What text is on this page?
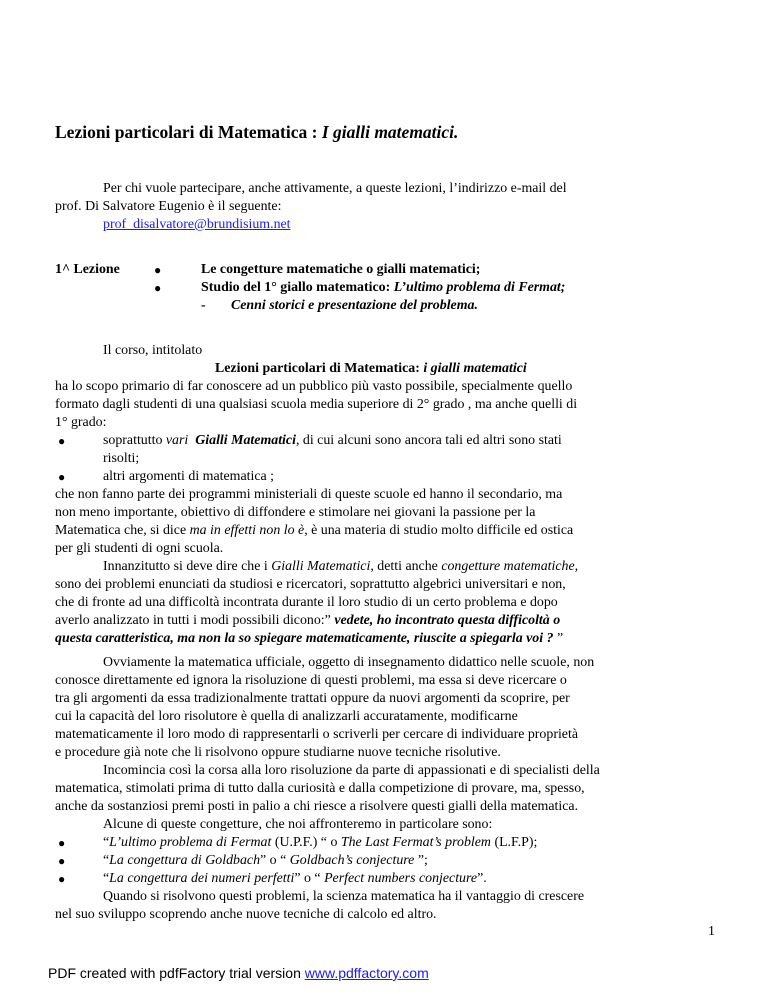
Lezioni particolari di Matematica : I gialli matematici.
Per chi vuole partecipare, anche attivamente, a queste lezioni, l’indirizzo e-mail del
prof. Di Salvatore Eugenio è il seguente:
prof_disalvatore@brundisium.net
1^ Lezione	●	Le congetture matematiche o gialli matematici;
●	Studio del 1° giallo matematico: L’ultimo problema di Fermat;
- Cenni storici e presentazione del problema.
Il corso, intitolato
Lezioni particolari di Matematica: i gialli matematici
ha lo scopo primario di far conoscere ad un pubblico più vasto possibile, specialmente quello
formato dagli studenti di una qualsiasi scuola media superiore di 2° grado , ma anche quelli di
1° grado:
●	soprattutto vari Gialli Matematici, di cui alcuni sono ancora tali ed altri sono stati
risolti;
●	altri argomenti di matematica ;
che non fanno parte dei programmi ministeriali di queste scuole ed hanno il secondario, ma
non meno importante, obiettivo di diffondere e stimolare nei giovani la passione per la
Matematica che, si dice ma in effetti non lo è, è una materia di studio molto difficile ed ostica
per gli studenti di ogni scuola.
Innanzitutto si deve dire che i Gialli Matematici, detti anche congetture matematiche,
sono dei problemi enunciati da studiosi e ricercatori, soprattutto algebrici universitari e non,
che di fronte ad una difficoltà incontrata durante il loro studio di un certo problema e dopo
averlo analizzato in tutti i modi possibili dicono:” vedete, ho incontrato questa difficoltà o
questa caratteristica, ma non la so spiegare matematicamente, riuscite a spiegarla voi ? ”
Ovviamente la matematica ufficiale, oggetto di insegnamento didattico nelle scuole, non
conosce direttamente ed ignora la risoluzione di questi problemi, ma essa si deve ricercare o
tra gli argomenti da essa tradizionalmente trattati oppure da nuovi argomenti da scoprire, per
cui la capacità del loro risolutore è quella di analizzarli accuratamente, modificarne
matematicamente il loro modo di rappresentarli o scriverli per cercare di individuare proprietà
e procedure già note che li risolvono oppure studiarne nuove tecniche risolutive.
Incomincia così la corsa alla loro risoluzione da parte di appassionati e di specialisti della
matematica, stimolati prima di tutto dalla curiosità e dalla competizione di provare, ma, spesso,
anche da sostanziosi premi posti in palio a chi riesce a risolvere questi gialli della matematica.
Alcune di queste congetture, che noi affronteremo in particolare sono:
●	“L’ultimo problema di Fermat (U.P.F.) “ o The Last Fermat’s problem (L.F.P);
●	“La congettura di Goldbach” o “ Goldbach’s conjecture ”;
●	“La congettura dei numeri perfetti” o “ Perfect numbers conjecture”.
Quando si risolvono questi problemi, la scienza matematica ha il vantaggio di crescere
nel suo sviluppo scoprendo anche nuove tecniche di calcolo ed altro.
1
PDF created with pdfFactory trial version www.pdffactory.com
